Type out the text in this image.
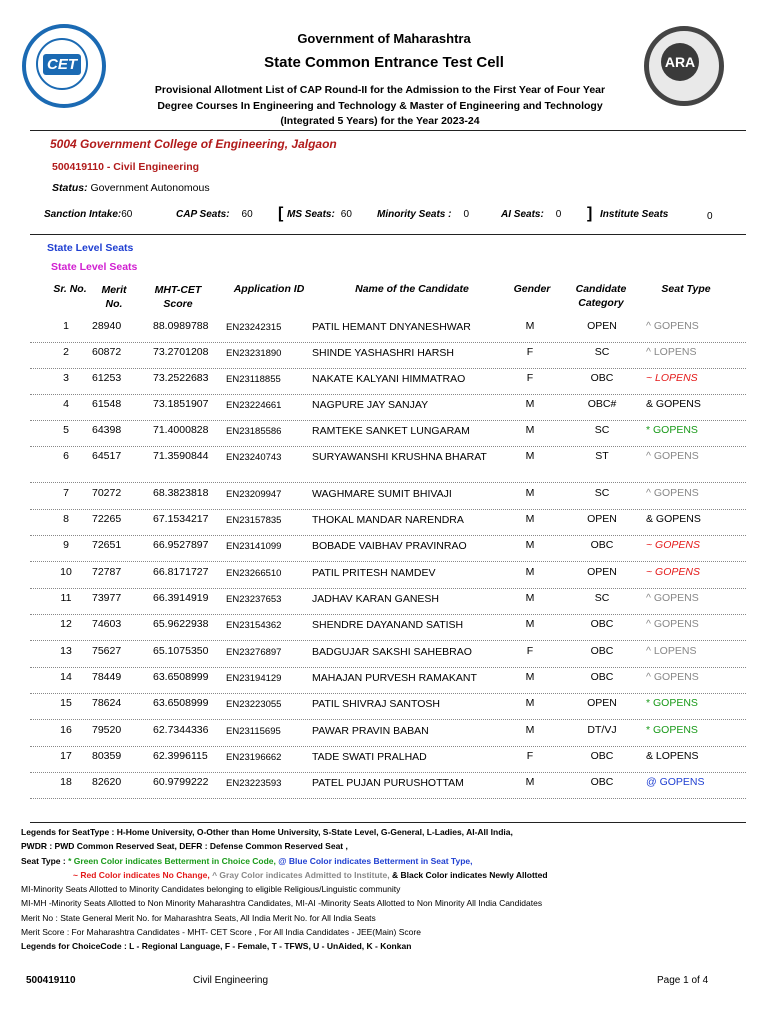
CET	ARA
Government of Maharashtra
State Common Entrance Test Cell
Provisional Allotment List of CAP Round-II for the Admission to the First Year of Four Year
Degree Courses In Engineering and Technology & Master of Engineering and Technology
(Integrated 5 Years) for the Year 2023-24
5004 Government College of Engineering, Jalgaon
500419110 - Civil Engineering
Status: Government Autonomous
Sanction Intake:60	CAP Seats: 60 [ MS Seats: 60	Minority Seats : 0	AI Seats: 0 ] Institute Seats	0
State Level Seats
State Level Seats
Sr. No.	Merit No.
MHT-CET Score
Application ID	Name of the Candidate	Gender	Candidate Category
Seat Type
1	28940	88.0989788	EN23242315	PATIL HEMANT DNYANESHWAR	M	OPEN	^ GOPENS
2	60872	73.2701208	EN23231890	SHINDE YASHASHRI HARSH	F	SC	^ LOPENS
3	61253	73.2522683	EN23118855	NAKATE KALYANI HIMMATRAO	F	OBC	~ LOPENS
4	61548	73.1851907	EN23224661	NAGPURE JAY SANJAY	M	OBC#	& GOPENS
5	64398	71.4000828	EN23185586	RAMTEKE SANKET LUNGARAM	M	SC	* GOPENS
6	64517	71.3590844	EN23240743	SURYAWANSHI KRUSHNA BHARAT	M	ST	^ GOPENS
7	70272	68.3823818	EN23209947	WAGHMARE SUMIT BHIVAJI	M	SC	^ GOPENS
8	72265	67.1534217	EN23157835	THOKAL MANDAR NARENDRA	M	OPEN	& GOPENS
9	72651	66.9527897	EN23141099	BOBADE VAIBHAV PRAVINRAO	M	OBC	~ GOPENS
10	72787	66.8171727	EN23266510	PATIL PRITESH NAMDEV	M	OPEN	~ GOPENS
11	73977	66.3914919	EN23237653	JADHAV KARAN GANESH	M	SC	^ GOPENS
12	74603	65.9622938	EN23154362	SHENDRE DAYANAND SATISH	M	OBC	^ GOPENS
13	75627	65.1075350	EN23276897	BADGUJAR SAKSHI SAHEBRAO	F	OBC	^ LOPENS
14	78449	63.6508999	EN23194129	MAHAJAN PURVESH RAMAKANT	M	OBC	^ GOPENS
15	78624	63.6508999	EN23223055	PATIL SHIVRAJ SANTOSH	M	OPEN	* GOPENS
16	79520	62.7344336	EN23115695	PAWAR PRAVIN BABAN	M	DT/VJ	* GOPENS
17	80359	62.3996115	EN23196662	TADE SWATI PRALHAD	F	OBC	& LOPENS
18	82620	60.9799222	EN23223593	PATEL PUJAN PURUSHOTTAM	M	OBC	@ GOPENS
Legends for SeatType : H-Home University, O-Other than Home University, S-State Level, G-General, L-Ladies, AI-All India,
PWDR : PWD Common Reserved Seat, DEFR : Defense Common Reserved Seat ,
Seat Type : * Green Color indicates Betterment in Choice Code, @ Blue Color indicates Betterment in Seat Type,
~ Red Color indicates No Change, ^ Gray Color indicates Admitted to Institute, & Black Color indicates Newly Allotted
MI-Minority Seats Allotted to Minority Candidates belonging to eligible Religious/Linguistic community
MI-MH -Minority Seats Allotted to Non Minority Maharashtra Candidates, MI-AI -Minority Seats Allotted to Non Minority All India Candidates
Merit No : State General Merit No. for Maharashtra Seats, All India Merit No. for All India Seats
Merit Score : For Maharashtra Candidates - MHT- CET Score , For All India Candidates - JEE(Main) Score
Legends for ChoiceCode : L - Regional Language, F - Female, T - TFWS, U - UnAided, K - Konkan
500419110	Civil Engineering	Page 1 of 4
